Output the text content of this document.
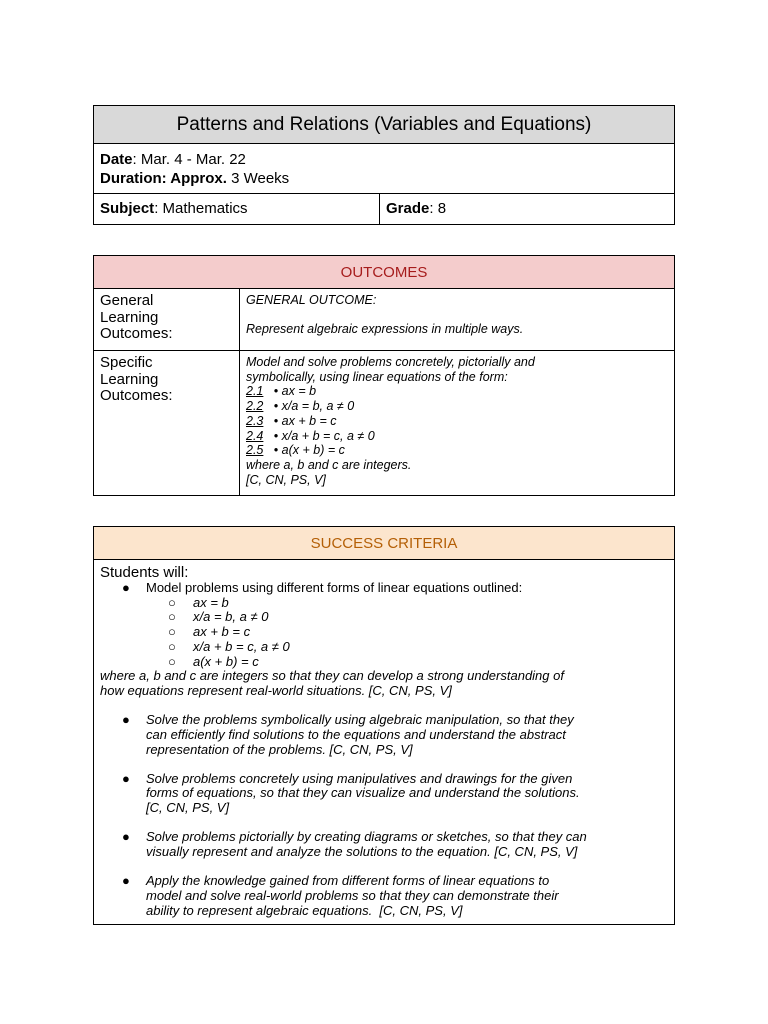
Patterns and Relations (Variables and Equations)
Date: Mar. 4 - Mar. 22
Duration: Approx. 3 Weeks
Subject: Mathematics	Grade: 8
OUTCOMES
General
Learning
Outcomes:
GENERAL OUTCOME:
Represent algebraic expressions in multiple ways.
Specific
Learning
Outcomes:
Model and solve problems concretely, pictorially and
symbolically, using linear equations of the form:
2.1   • ax = b
2.2   • x/a = b, a ≠ 0
2.3   • ax + b = c
2.4   • x/a + b = c, a ≠ 0
2.5   • a(x + b) = c
where a, b and c are integers.
[C, CN, PS, V]
SUCCESS CRITERIA
Students will:
● Model problems using different forms of linear equations outlined:
○ ax = b
○ x/a = b, a ≠ 0
○ ax + b = c
○ x/a + b = c, a ≠ 0
○ a(x + b) = c
where a, b and c are integers so that they can develop a strong understanding of
how equations represent real-world situations. [C, CN, PS, V]
● Solve the problems symbolically using algebraic manipulation, so that they
can efficiently find solutions to the equations and understand the abstract
representation of the problems. [C, CN, PS, V]
● Solve problems concretely using manipulatives and drawings for the given
forms of equations, so that they can visualize and understand the solutions.
[C, CN, PS, V]
● Solve problems pictorially by creating diagrams or sketches, so that they can
visually represent and analyze the solutions to the equation. [C, CN, PS, V]
● Apply the knowledge gained from different forms of linear equations to
model and solve real-world problems so that they can demonstrate their
ability to represent algebraic equations.  [C, CN, PS, V]
